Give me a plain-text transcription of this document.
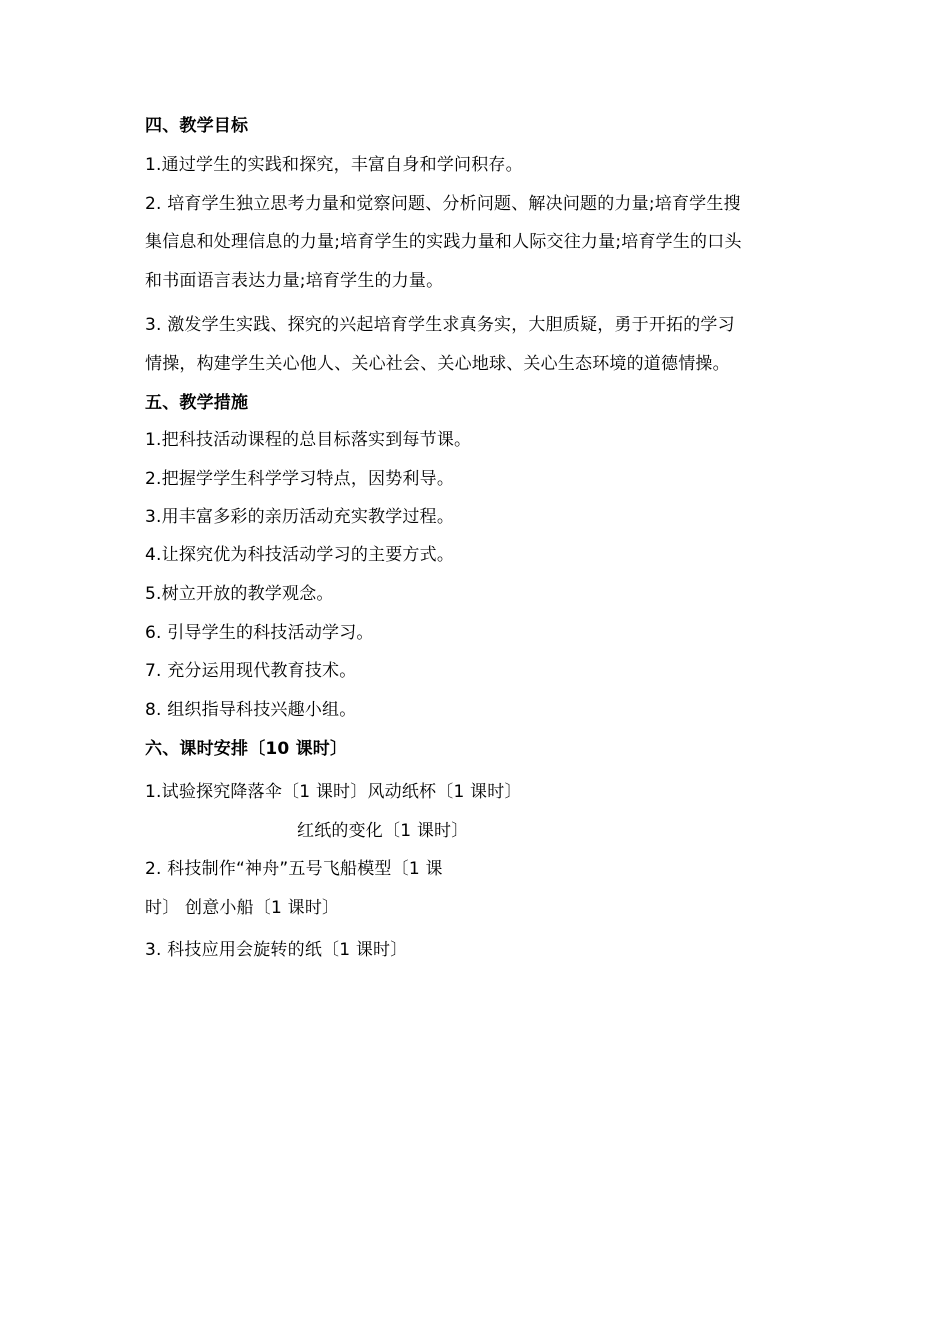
四、教学目标
1.通过学生的实践和探究，丰富自身和学问积存。
2. 培育学生独立思考力量和觉察问题、分析问题、解决问题的力量;培育学生搜
集信息和处理信息的力量;培育学生的实践力量和人际交往力量;培育学生的口头
和书面语言表达力量;培育学生的力量。
3. 激发学生实践、探究的兴起培育学生求真务实，大胆质疑，勇于开拓的学习
情操，构建学生关心他人、关心社会、关心地球、关心生态环境的道德情操。
五、教学措施
1.把科技活动课程的总目标落实到每节课。
2.把握学学生科学学习特点，因势利导。
3.用丰富多彩的亲历活动充实教学过程。
4.让探究优为科技活动学习的主要方式。
5.树立开放的教学观念。
6. 引导学生的科技活动学习。
7. 充分运用现代教育技术。
8. 组织指导科技兴趣小组。
六、课时安排〔10 课时〕
1.试验探究降落伞〔1 课时〕风动纸杯〔1 课时〕
红纸的变化〔1 课时〕
2. 科技制作“神舟”五号飞船模型〔1 课
时〕 创意小船〔1 课时〕
3. 科技应用会旋转的纸〔1 课时〕
